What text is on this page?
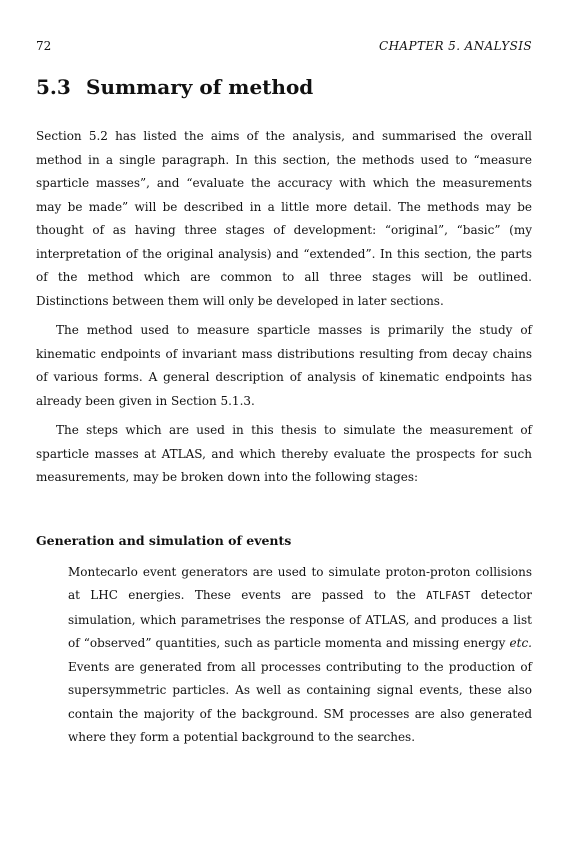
72	CHAPTER 5. ANALYSIS
5.3 Summary of method

Section 5.2 has listed the aims of the analysis, and summarised the overall method in a single paragraph. In this section, the methods used to “measure sparticle masses”, and “evaluate the accuracy with which the measurements may be made” will be described in a little more detail. The methods may be thought of as having three stages of development: “original”, “basic” (my interpretation of the original analysis) and “extended”. In this section, the parts of the method which are common to all three stages will be outlined. Distinctions between them will only be developed in later sections.

The method used to measure sparticle masses is primarily the study of kinematic endpoints of invariant mass distributions resulting from decay chains of various forms. A general description of analysis of kinematic endpoints has already been given in Section 5.1.3.

The steps which are used in this thesis to simulate the measurement of sparticle masses at ATLAS, and which thereby evaluate the prospects for such measurements, may be broken down into the following stages:

Generation and simulation of events

Montecarlo event generators are used to simulate proton-proton collisions at LHC energies. These events are passed to the ATLFAST detector simulation, which parametrises the response of ATLAS, and produces a list of “observed” quantities, such as particle momenta and missing energy etc. Events are generated from all processes contributing to the production of supersymmetric particles. As well as containing signal events, these also contain the majority of the background. SM processes are also generated where they form a potential background to the searches.
